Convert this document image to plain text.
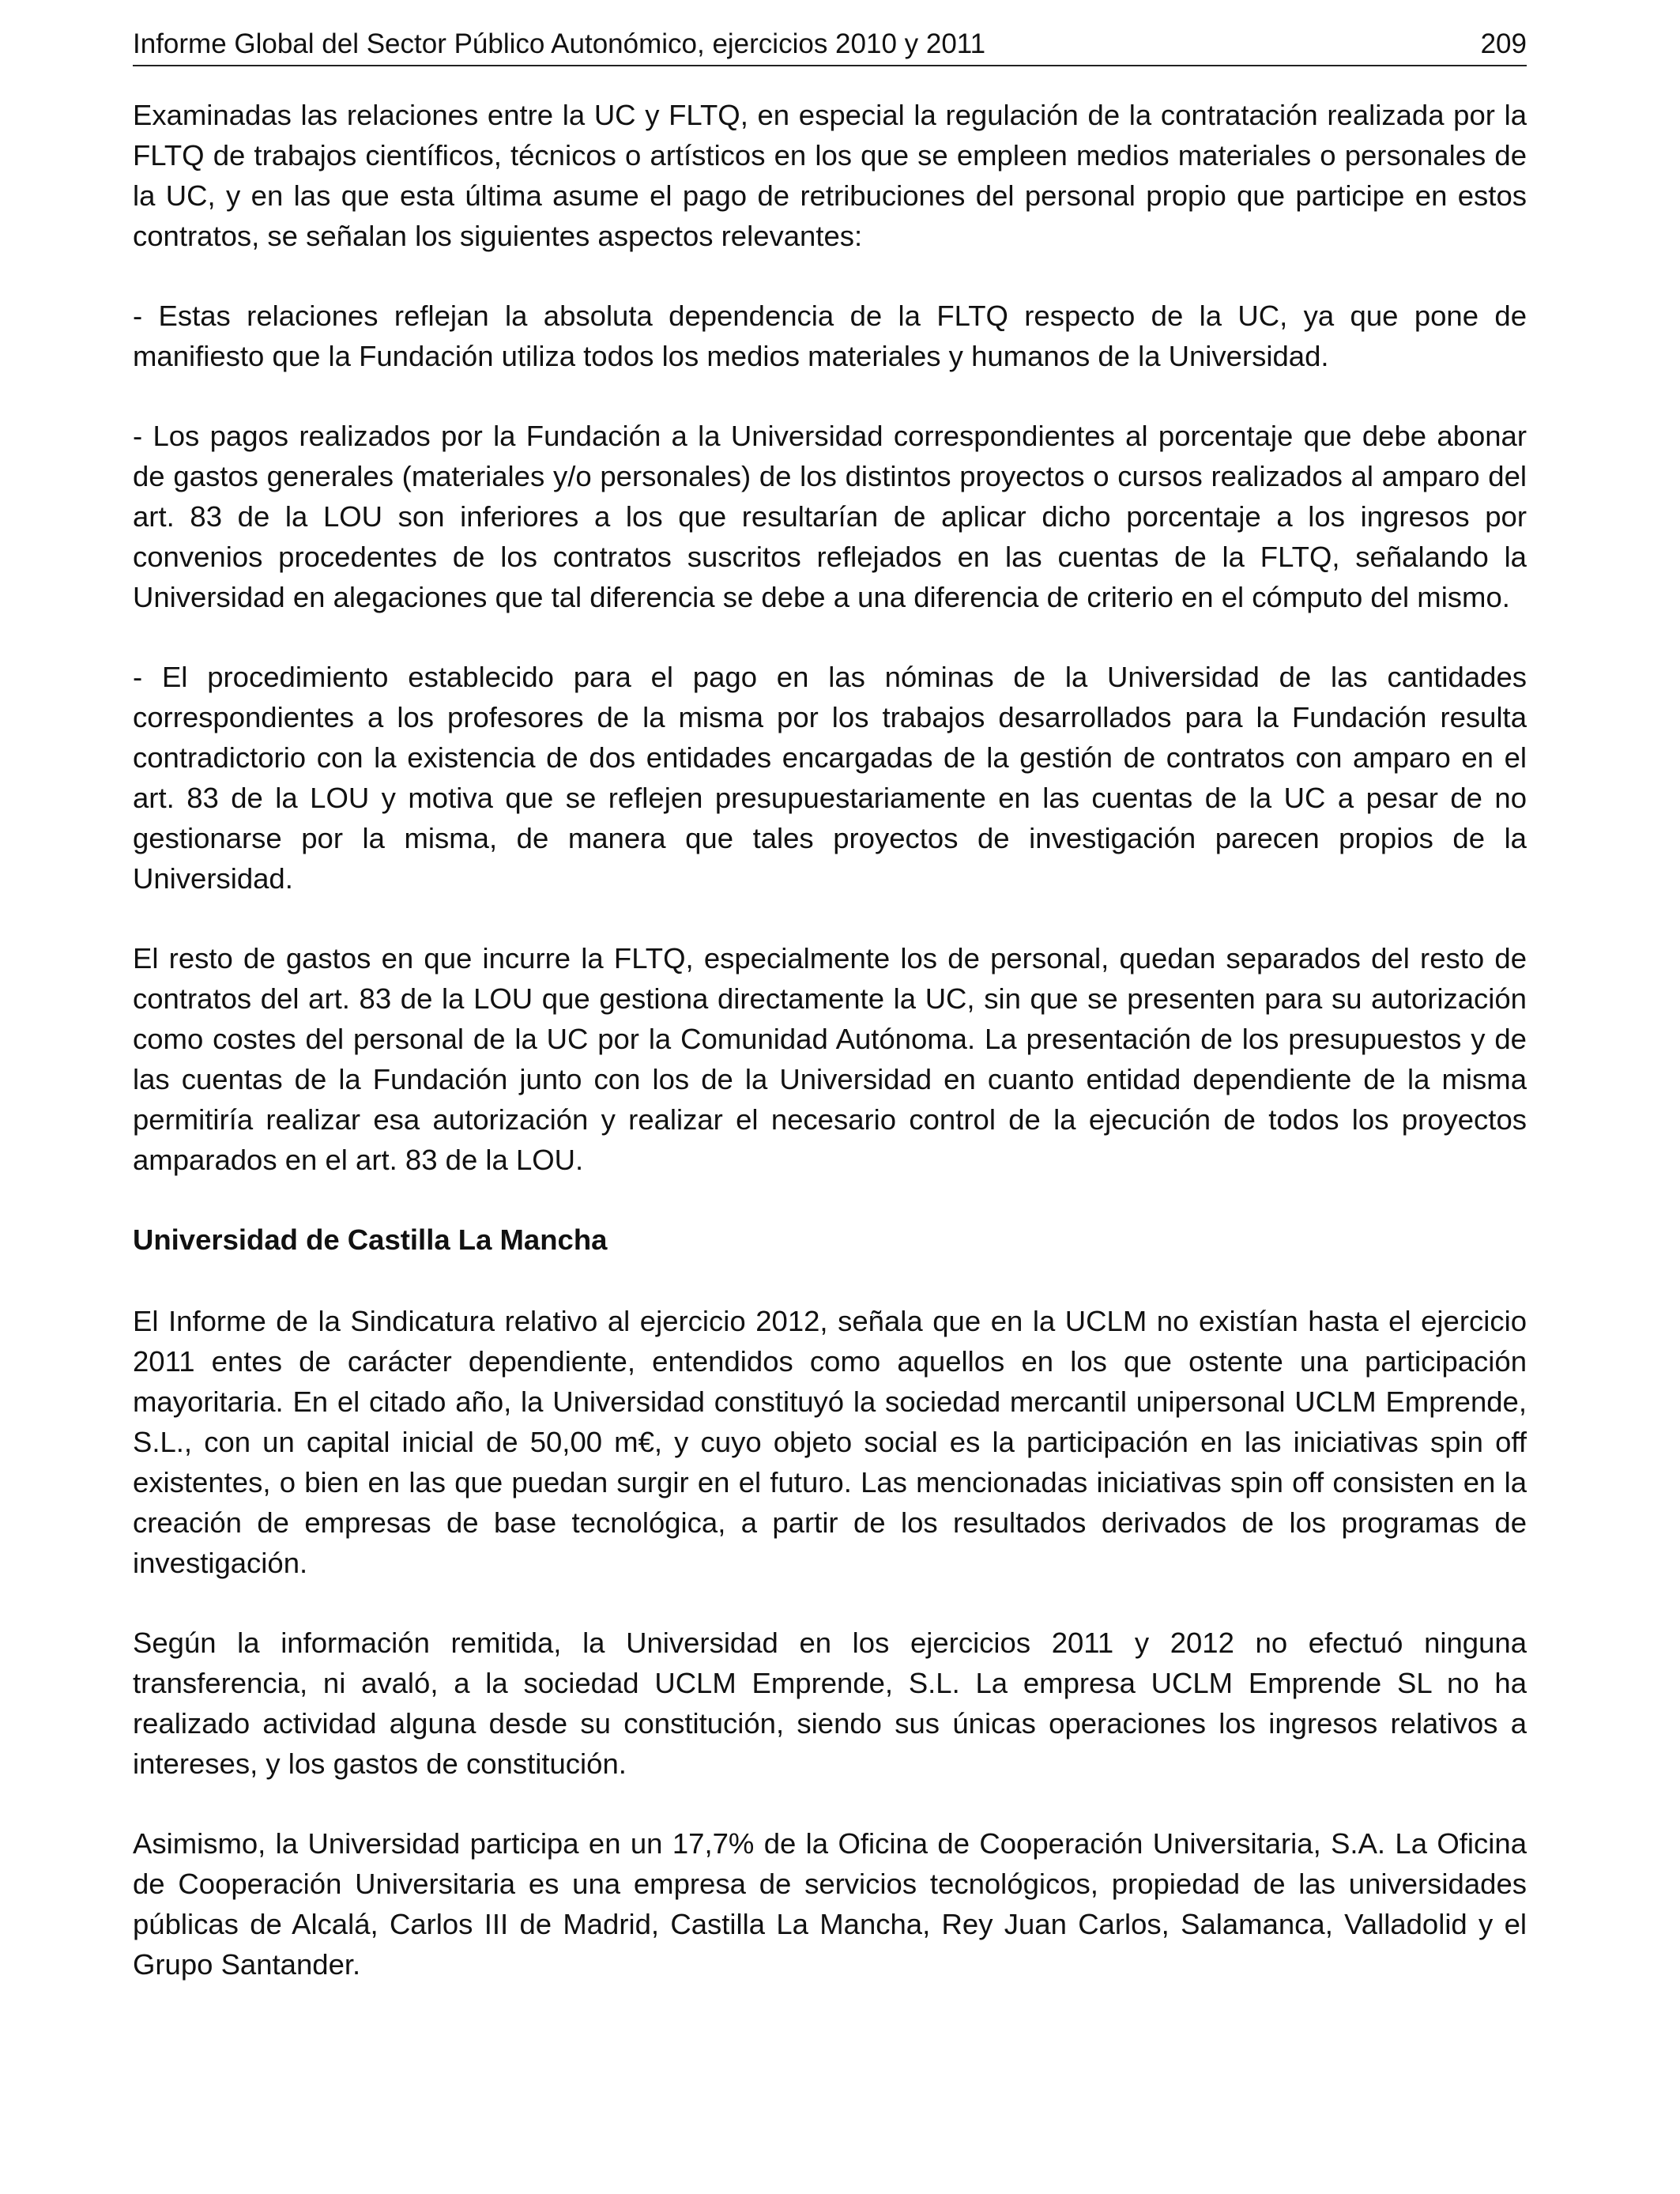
Informe Global del Sector Público Autonómico, ejercicios 2010 y 2011	209

Examinadas las relaciones entre la UC y FLTQ, en especial la regulación de la contratación realizada por la FLTQ de trabajos científicos, técnicos o artísticos en los que se empleen medios materiales o personales de la UC, y en las que esta última asume el pago de retribuciones del personal propio que participe en estos contratos, se señalan los siguientes aspectos relevantes:

- Estas relaciones reflejan la absoluta dependencia de la FLTQ respecto de la UC, ya que pone de manifiesto que la Fundación utiliza todos los medios materiales y humanos de la Universidad.

- Los pagos realizados por la Fundación a la Universidad correspondientes al porcentaje que debe abonar de gastos generales (materiales y/o personales) de los distintos proyectos o cursos realizados al amparo del art. 83 de la LOU son inferiores a los que resultarían de aplicar dicho porcentaje a los ingresos por convenios procedentes de los contratos suscritos reflejados en las cuentas de la FLTQ, señalando la Universidad en alegaciones que tal diferencia se debe a una diferencia de criterio en el cómputo del mismo.

- El procedimiento establecido para el pago en las nóminas de la Universidad de las cantidades correspondientes a los profesores de la misma por los trabajos desarrollados para la Fundación resulta contradictorio con la existencia de dos entidades encargadas de la gestión de contratos con amparo en el art. 83 de la LOU y motiva que se reflejen presupuestariamente en las cuentas de la UC a pesar de no gestionarse por la misma, de manera que tales proyectos de investigación parecen propios de la Universidad.

El resto de gastos en que incurre la FLTQ, especialmente los de personal, quedan separados del resto de contratos del art. 83 de la LOU que gestiona directamente la UC, sin que se presenten para su autorización como costes del personal de la UC por la Comunidad Autónoma. La presentación de los presupuestos y de las cuentas de la Fundación junto con los de la Universidad en cuanto entidad dependiente de la misma permitiría realizar esa autorización y realizar el necesario control de la ejecución de todos los proyectos amparados en el art. 83 de la LOU.

Universidad de Castilla La Mancha

El Informe de la Sindicatura relativo al ejercicio 2012, señala que en la UCLM no existían hasta el ejercicio 2011 entes de carácter dependiente, entendidos como aquellos en los que ostente una participación mayoritaria. En el citado año, la Universidad constituyó la sociedad mercantil unipersonal UCLM Emprende, S.L., con un capital inicial de 50,00 m€, y cuyo objeto social es la participación en las iniciativas spin off existentes, o bien en las que puedan surgir en el futuro. Las mencionadas iniciativas spin off consisten en la creación de empresas de base tecnológica, a partir de los resultados derivados de los programas de investigación.

Según la información remitida, la Universidad en los ejercicios 2011 y 2012 no efectuó ninguna transferencia, ni avaló, a la sociedad UCLM Emprende, S.L. La empresa UCLM Emprende SL no ha realizado actividad alguna desde su constitución, siendo sus únicas operaciones los ingresos relativos a intereses, y los gastos de constitución.

Asimismo, la Universidad participa en un 17,7% de la Oficina de Cooperación Universitaria, S.A. La Oficina de Cooperación Universitaria es una empresa de servicios tecnológicos, propiedad de las universidades públicas de Alcalá, Carlos III de Madrid, Castilla La Mancha, Rey Juan Carlos, Salamanca, Valladolid y el Grupo Santander.
